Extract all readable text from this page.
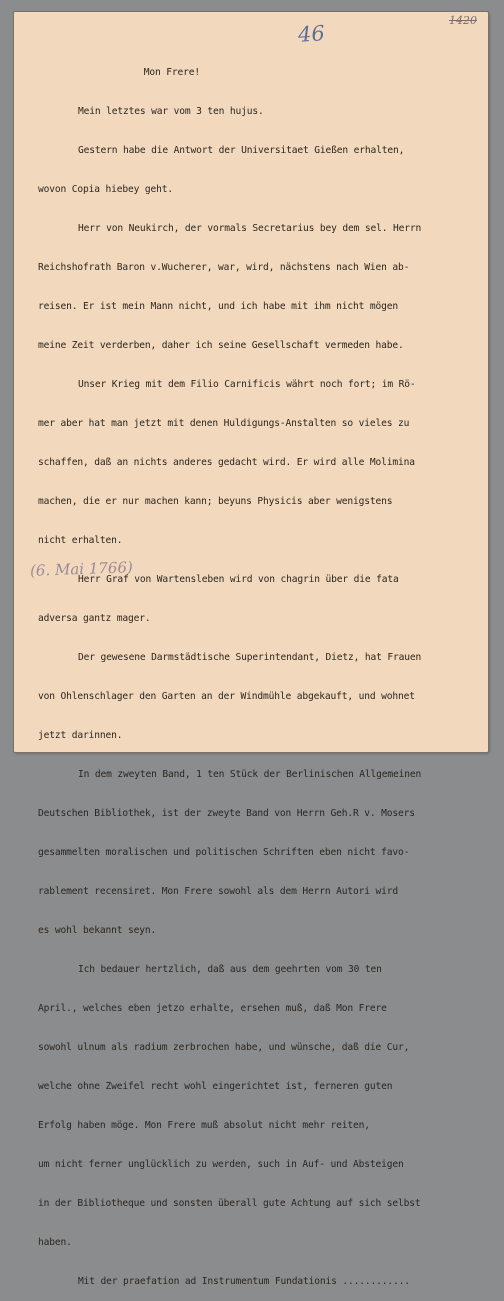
46
1420

Mon Frere!

Mein letztes war vom 3 ten hujus.

Gestern habe die Antwort der Universitaet Gießen erhalten,

wovon Copia hiebey geht.

Herr von Neukirch, der vormals Secretarius bey dem sel. Herrn

Reichshofrath Baron v.Wucherer, war, wird, nächstens nach Wien ab-

reisen. Er ist mein Mann nicht, und ich habe mit ihm nicht mögen

meine Zeit verderben, daher ich seine Gesellschaft vermeden habe.

Unser Krieg mit dem Filio Carnificis währt noch fort; im Rö-

mer aber hat man jetzt mit denen Huldigungs-Anstalten so vieles zu

schaffen, daß an nichts anderes gedacht wird. Er wird alle Molimina

machen, die er nur machen kann; beyuns Physicis aber wenigstens

nicht erhalten.

Herr Graf von Wartensleben wird von chagrin über die fata

adversa gantz mager.

Der gewesene Darmstädtische Superintendant, Dietz, hat Frauen

von Ohlenschlager den Garten an der Windmühle abgekauft, und wohnet

jetzt darinnen.

In dem zweyten Band, 1 ten Stück der Berlinischen Allgemeinen

Deutschen Bibliothek, ist der zweyte Band von Herrn Geh.R v. Mosers

gesammelten moralischen und politischen Schriften eben nicht favo-

rablement recensiret. Mon Frere sowohl als dem Herrn Autori wird

es wohl bekannt seyn.

Ich bedauer hertzlich, daß aus dem geehrten vom 30 ten

April., welches eben jetzo erhalte, ersehen muß, daß Mon Frere

sowohl ulnum als radium zerbrochen habe, und wünsche, daß die Cur,

welche ohne Zweifel recht wohl eingerichtet ist, ferneren guten

Erfolg haben möge. Mon Frere muß absolut nicht mehr reiten,

um nicht ferner unglücklich zu werden, such in Auf- und Absteigen

in der Bibliotheque und sonsten überall gute Achtung auf sich selbst

haben.

Mit der praefation ad Instrumentum Fundationis ............

(6. Mai 1766)
